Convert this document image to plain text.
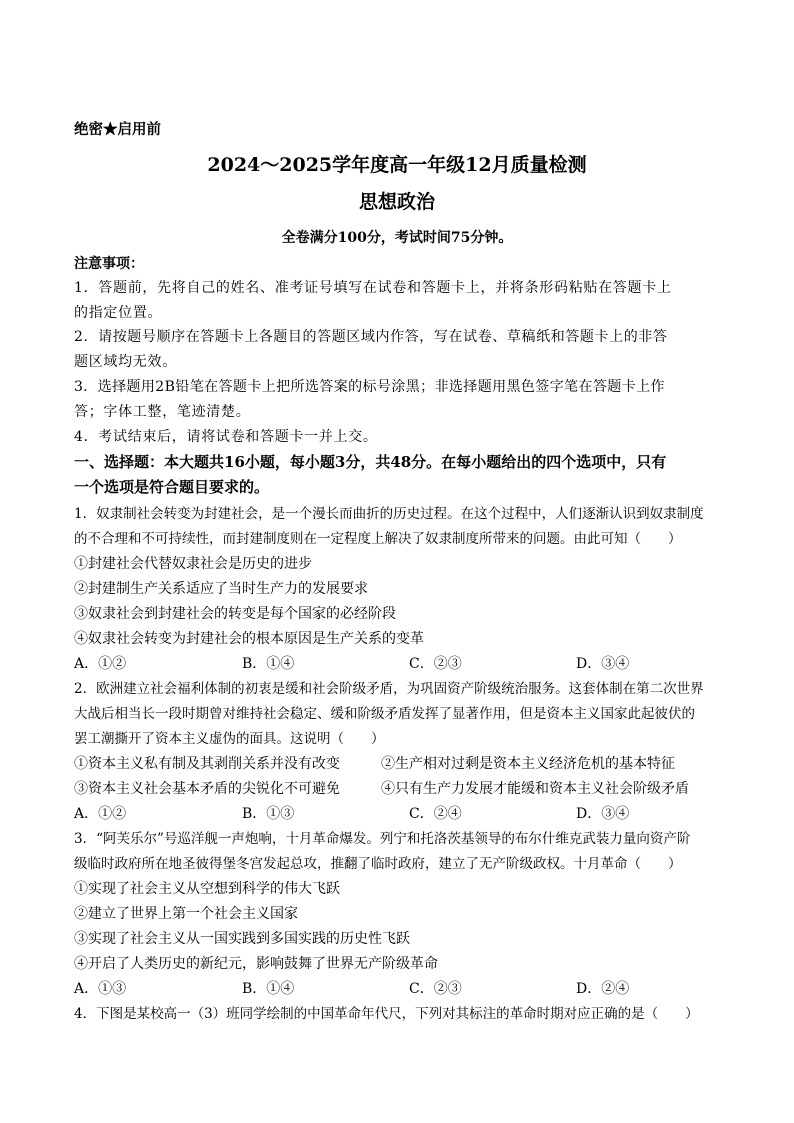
绝密★启用前
2024～2025学年度高一年级12月质量检测
思想政治
全卷满分100分，考试时间75分钟。
注意事项：
1．答题前，先将自己的姓名、准考证号填写在试卷和答题卡上，并将条形码粘贴在答题卡上
的指定位置。
2．请按题号顺序在答题卡上各题目的答题区域内作答，写在试卷、草稿纸和答题卡上的非答
题区域均无效。
3．选择题用2B铅笔在答题卡上把所选答案的标号涂黑；非选择题用黑色签字笔在答题卡上作
答；字体工整，笔迹清楚。
4．考试结束后，请将试卷和答题卡一并上交。
一、选择题：本大题共16小题，每小题3分，共48分。在每小题给出的四个选项中，只有
一个选项是符合题目要求的。
1．奴隶制社会转变为封建社会，是一个漫长而曲折的历史过程。在这个过程中，人们逐渐认识到奴隶制度
的不合理和不可持续性，而封建制度则在一定程度上解决了奴隶制度所带来的问题。由此可知（　　）
①封建社会代替奴隶社会是历史的进步
②封建制生产关系适应了当时生产力的发展要求
③奴隶社会到封建社会的转变是每个国家的必经阶段
④奴隶社会转变为封建社会的根本原因是生产关系的变革
A．①②	B．①④	C．②③	D．③④
2．欧洲建立社会福利体制的初衷是缓和社会阶级矛盾，为巩固资产阶级统治服务。这套体制在第二次世界
大战后相当长一段时期曾对维持社会稳定、缓和阶级矛盾发挥了显著作用，但是资本主义国家此起彼伏的
罢工潮撕开了资本主义虚伪的面具。这说明（　　）
①资本主义私有制及其剥削关系并没有改变	②生产相对过剩是资本主义经济危机的基本特征
③资本主义社会基本矛盾的尖锐化不可避免	④只有生产力发展才能缓和资本主义社会阶级矛盾
A．①②	B．①③	C．②④	D．③④
3．“阿芙乐尔”号巡洋舰一声炮响，十月革命爆发。列宁和托洛茨基领导的布尔什维克武装力量向资产阶
级临时政府所在地圣彼得堡冬宫发起总攻，推翻了临时政府，建立了无产阶级政权。十月革命（　　）
①实现了社会主义从空想到科学的伟大飞跃
②建立了世界上第一个社会主义国家
③实现了社会主义从一国实践到多国实践的历史性飞跃
④开启了人类历史的新纪元，影响鼓舞了世界无产阶级革命
A．①③	B．①④	C．②③	D．②④
4．下图是某校高一（3）班同学绘制的中国革命年代尺，下列对其标注的革命时期对应正确的是（　　）
